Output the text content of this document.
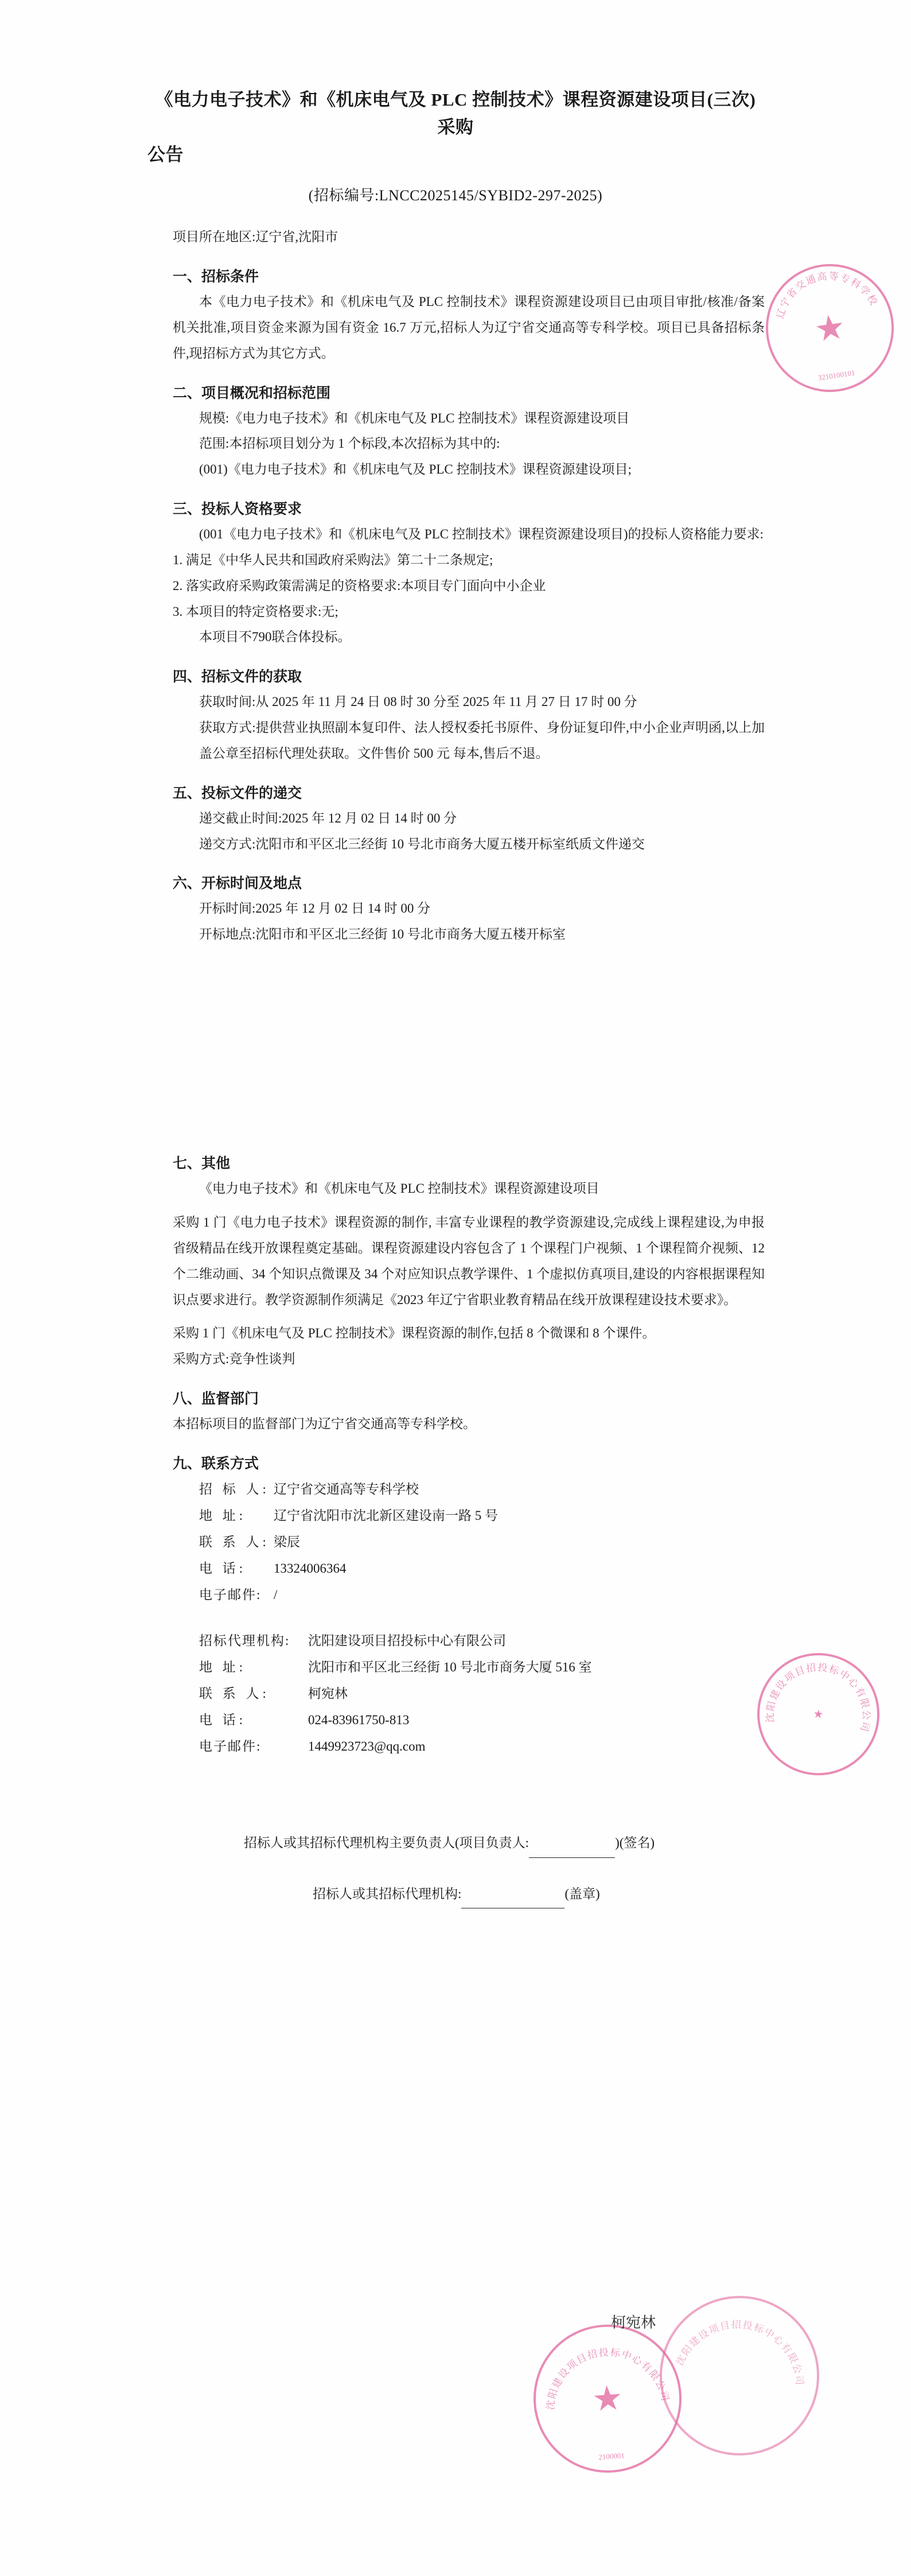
辽宁省交通高等专科学校
★
3210100101
沈阳建设项目招投标中心有限公司
★
沈阳建设项目招投标中心有限公司
★
2100001
沈阳建设项目招投标中心有限公司
《电力电子技术》和《机床电气及 PLC 控制技术》课程资源建设项目(三次)采购
公告
(招标编号:LNCC2025145/SYBID2-297-2025)

项目所在地区:辽宁省,沈阳市

一、招标条件

本《电力电子技术》和《机床电气及 PLC 控制技术》课程资源建设项目已由项目审批/核准/备案机关批准,项目资金来源为国有资金 16.7 万元,招标人为辽宁省交通高等专科学校。项目已具备招标条件,现招标方式为其它方式。

二、项目概况和招标范围

规模:《电力电子技术》和《机床电气及 PLC 控制技术》课程资源建设项目

范围:本招标项目划分为 1 个标段,本次招标为其中的:

(001)《电力电子技术》和《机床电气及 PLC 控制技术》课程资源建设项目;

三、投标人资格要求

(001《电力电子技术》和《机床电气及 PLC 控制技术》课程资源建设项目)的投标人资格能力要求:

1. 满足《中华人民共和国政府采购法》第二十二条规定;

2. 落实政府采购政策需满足的资格要求:本项目专门面向中小企业

3. 本项目的特定资格要求:无;

本项目不790联合体投标。

四、招标文件的获取

获取时间:从 2025 年 11 月 24 日 08 时 30 分至 2025 年 11 月 27 日 17 时 00 分

获取方式:提供营业执照副本复印件、法人授权委托书原件、身份证复印件,中小企业声明函,以上加盖公章至招标代理处获取。文件售价 500 元 每本,售后不退。

五、投标文件的递交

递交截止时间:2025 年 12 月 02 日 14 时 00 分

递交方式:沈阳市和平区北三经街 10 号北市商务大厦五楼开标室纸质文件递交

六、开标时间及地点

开标时间:2025 年 12 月 02 日 14 时 00 分

开标地点:沈阳市和平区北三经街 10 号北市商务大厦五楼开标室

七、其他

《电力电子技术》和《机床电气及 PLC 控制技术》课程资源建设项目

采购 1 门《电力电子技术》课程资源的制作, 丰富专业课程的教学资源建设,完成线上课程建设,为申报省级精品在线开放课程奠定基础。课程资源建设内容包含了 1 个课程门户视频、1 个课程简介视频、12 个二维动画、34 个知识点微课及 34 个对应知识点教学课件、1 个虚拟仿真项目,建设的内容根据课程知识点要求进行。教学资源制作须满足《2023 年辽宁省职业教育精品在线开放课程建设技术要求》。

采购 1 门《机床电气及 PLC 控制技术》课程资源的制作,包括 8 个微课和 8 个课件。

采购方式:竞争性谈判

八、监督部门

本招标项目的监督部门为辽宁省交通高等专科学校。

九、联系方式
招 标 人: 辽宁省交通高等专科学校
地 址:	辽宁省沈阳市沈北新区建设南一路 5 号
联 系 人: 梁辰
电 话:	13324006364
电子邮件: /
招标代理机构:	沈阳建设项目招投标中心有限公司
地 址:	沈阳市和平区北三经街 10 号北市商务大厦 516 室
联 系 人:	柯宛林
电 话:	024-83961750-813
电子邮件:	1449923723@qq.com
招标人或其招标代理机构主要负责人(项目负责人:	)(签名)
招标人或其招标代理机构:	(盖章)
柯宛林
